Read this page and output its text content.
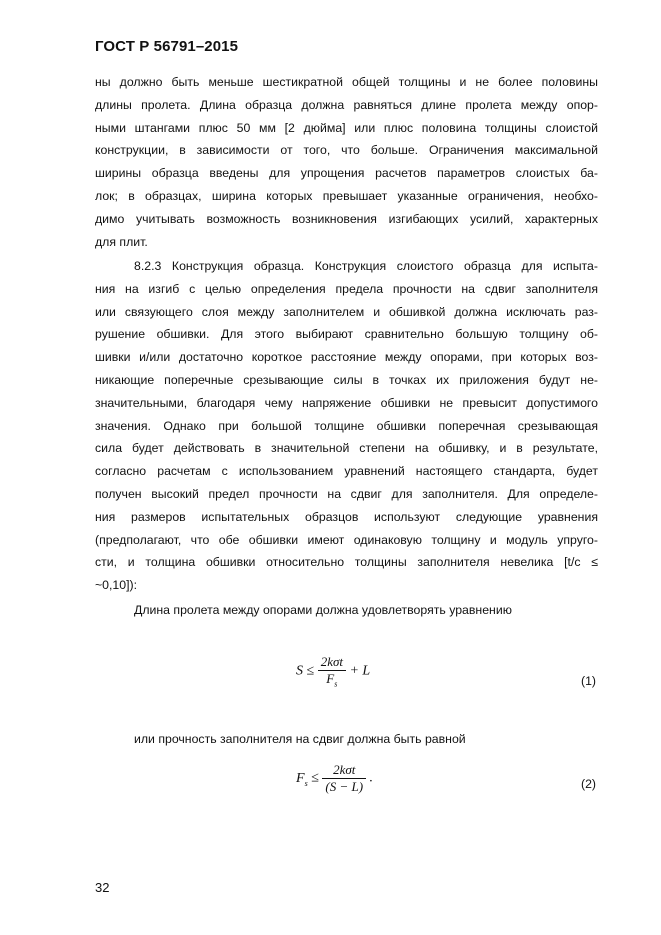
ГОСТ Р 56791–2015
ны должно быть меньше шестикратной общей толщины и не более половины
длины пролета. Длина образца должна равняться длине пролета между опор-
ными штангами плюс 50 мм [2 дюйма] или плюс половина толщины слоистой
конструкции, в зависимости от того, что больше. Ограничения максимальной
ширины образца введены для упрощения расчетов параметров слоистых ба-
лок; в образцах, ширина которых превышает указанные ограничения, необхо-
димо учитывать возможность возникновения изгибающих усилий, характерных
для плит.
8.2.3 Конструкция образца. Конструкция слоистого образца для испыта-
ния на изгиб с целью определения предела прочности на сдвиг заполнителя
или связующего слоя между заполнителем и обшивкой должна исключать раз-
рушение обшивки. Для этого выбирают сравнительно большую толщину об-
шивки и/или достаточно короткое расстояние между опорами, при которых воз-
никающие поперечные срезывающие силы в точках их приложения будут не-
значительными, благодаря чему напряжение обшивки не превысит допустимого
значения. Однако при большой толщине обшивки поперечная срезывающая
сила будет действовать в значительной степени на обшивку, и в результате,
согласно расчетам с использованием уравнений настоящего стандарта, будет
получен высокий предел прочности на сдвиг для заполнителя. Для определе-
ния размеров испытательных образцов используют следующие уравнения
(предполагают, что обе обшивки имеют одинаковую толщину и модуль упруго-
сти, и толщина обшивки относительно толщины заполнителя невелика [t/c ≤
~0,10]):
Длина пролета между опорами должна удовлетворять уравнению
$S \le \frac{\text{2kσt}}{F_s} + L$
(1)
или прочность заполнителя на сдвиг должна быть равной
$F_s \le \frac{\text{2kσt}}{(S - L)}$ .	(2)
32
